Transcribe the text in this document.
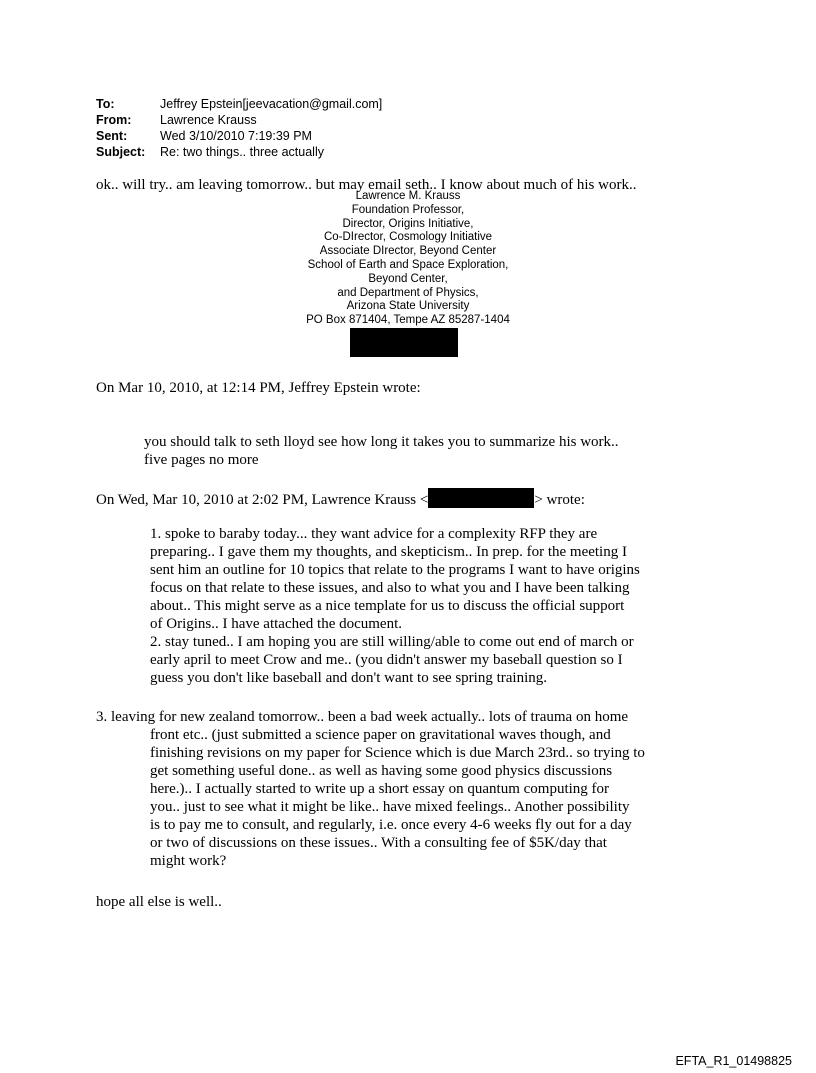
To:	Jeffrey Epstein[jeevacation@gmail.com]
From:	Lawrence Krauss
Sent:	Wed 3/10/2010 7:19:39 PM
Subject:	Re: two things.. three actually
ok.. will try.. am leaving tomorrow.. but may email seth.. I know about much of his work..
Lawrence M. Krauss
Foundation Professor,
Director, Origins Initiative,
Co-DIrector, Cosmology Initiative
Associate DIrector, Beyond Center
School of Earth and Space Exploration,
Beyond Center,
and Department of Physics,
Arizona State University
PO Box 871404, Tempe AZ 85287-1404
On Mar 10, 2010, at 12:14 PM, Jeffrey Epstein wrote:
you should talk to seth lloyd see how long it takes you to summarize his work..
five pages no more
On Wed, Mar 10, 2010 at 2:02 PM, Lawrence Krauss <	> wrote:

1. spoke to baraby today... they want advice for a complexity RFP they are

preparing.. I gave them my thoughts, and skepticism.. In prep. for the meeting I

sent him an outline for 10 topics that relate to the programs I want to have origins

focus on that relate to these issues, and also to what you and I have been talking

about.. This might serve as a nice template for us to discuss the official support

of Origins.. I have attached the document.

2. stay tuned.. I am hoping you are still willing/able to come out end of march or

early april to meet Crow and me.. (you didn't answer my baseball question so I

guess you don't like baseball and don't want to see spring training.

3. leaving for new zealand tomorrow.. been a bad week actually.. lots of trauma on home

front etc.. (just submitted a science paper on gravitational waves though, and

finishing revisions on my paper for Science which is due March 23rd.. so trying to

get something useful done.. as well as having some good physics discussions

here.).. I actually started to write up a short essay on quantum computing for

you.. just to see what it might be like.. have mixed feelings.. Another possibility

is to pay me to consult, and regularly, i.e. once every 4-6 weeks fly out for a day

or two of discussions on these issues.. With a consulting fee of $5K/day that

might work?

hope all else is well..
EFTA_R1_01498825
